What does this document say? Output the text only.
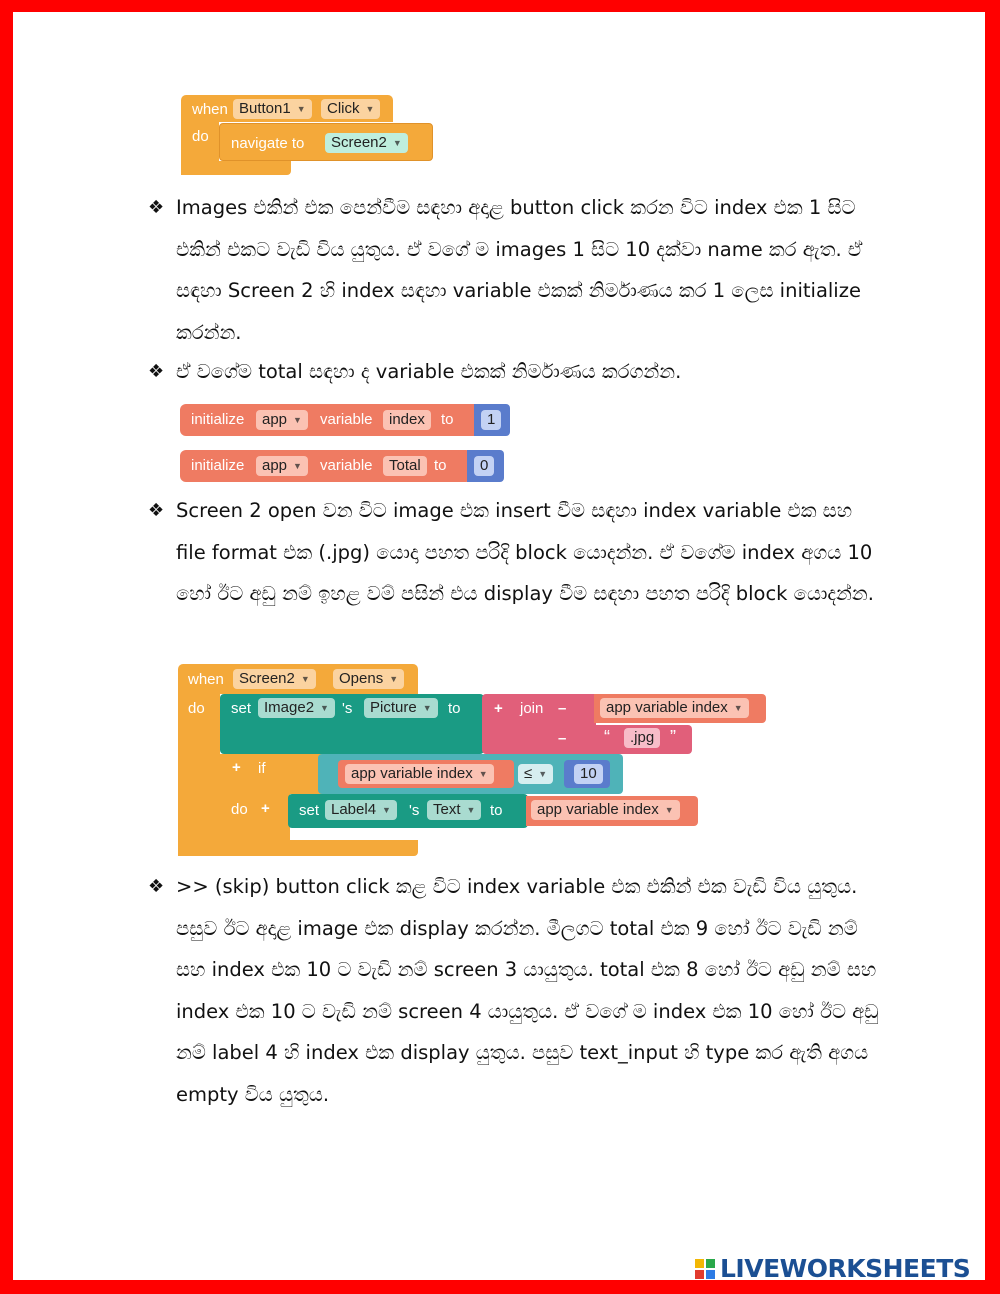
when Button1 ▼	Click ▼
do navigate to	Screen2 ▼
❖ Images එකින් එක පෙන්වීම සඳහා අදාළ button click කරන විට index එක 1 සිට එකින් එකට වැඩි විය යුතුය. ඒ වගේ ම images 1 සිට 10 දක්වා name කර ඇත. ඒ සඳහා Screen 2 හි index සඳහා variable එකක් නිර්මාණය කර 1 ලෙස initialize කරන්න.
❖ ඒ වගේම total සඳහා ද variable එකක් නිර්මාණය කරගන්න.
initialize	app ▼	variable	index	to	1
initialize	app ▼	variable	Total to	0
❖ Screen 2 open වන විට image එක insert වීම සඳහා index variable එක සහ file format එක (.jpg) යොදා පහත පරිදි block යොදන්න. ඒ වගේම index අගය 10 හෝ ඊට අඩු නම් ඉහළ වම් පසින් එය display වීම සඳහා පහත පරිදි block යොදන්න.
when	Screen2 ▼	Opens ▼
do set Image2 ▼ 's	Picture ▼	to + join –
–
app variable index ▼
“	.jpg ”
+ if	app variable index ▼	≤ ▼	10
do + set Label4 ▼	's Text ▼ to	app variable index ▼
❖ >> (skip) button click කළ විට index variable එක එකින් එක වැඩි විය යුතුය. පසුව ඊට අදාළ image එක display කරන්න. මීලගට total එක 9 හෝ ඊට වැඩි නම් සහ index එක 10 ට වැඩි නම් screen 3 යායුතුය. total එක 8 හෝ ඊට අඩු නම් සහ index එක 10 ට වැඩි නම් screen 4 යායුතුය. ඒ වගේ ම index එක 10 හෝ ඊට අඩු නම් label 4 හි index එක display යුතුය. පසුව text_input හි type කර ඇති අගය empty විය යුතුය.

LIVEWORKSHEETS
